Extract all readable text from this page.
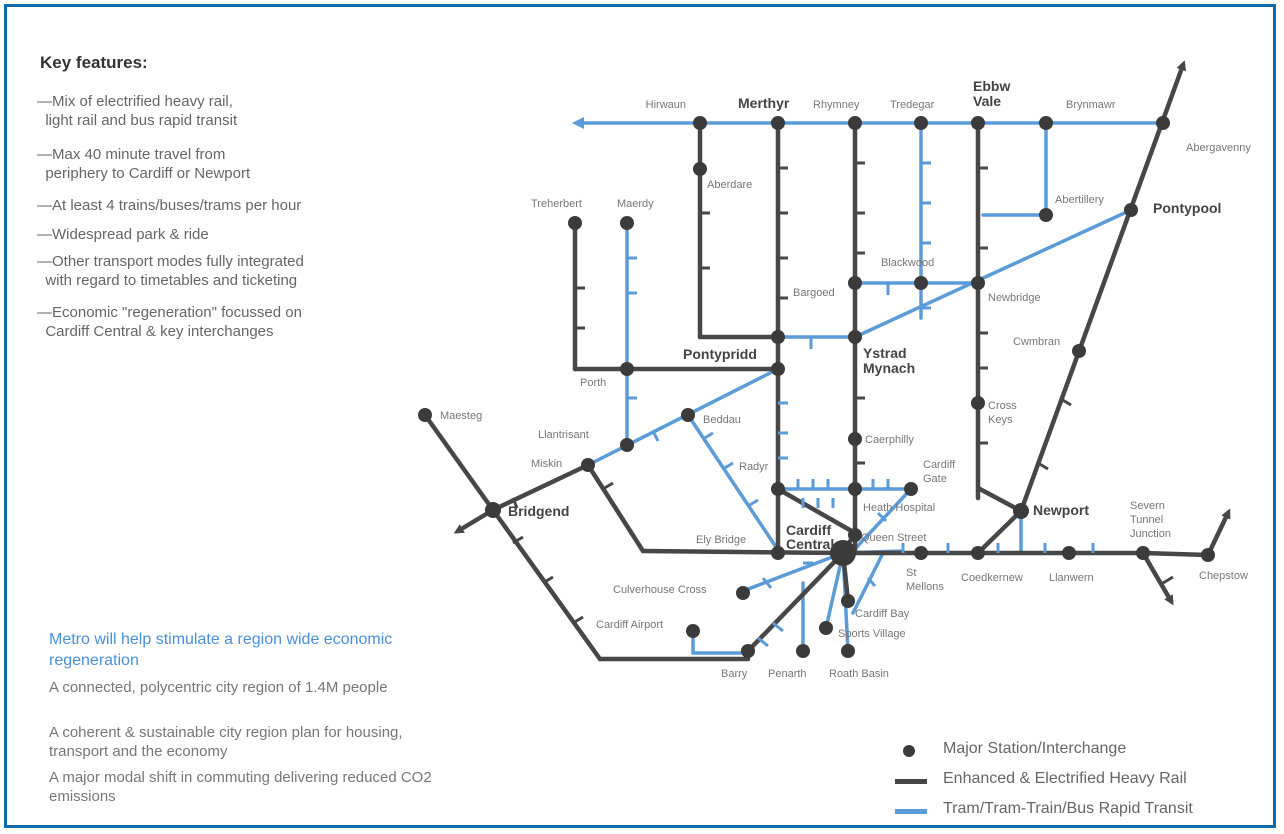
Hirwaun	Merthyr Rhymney	Tredegar
Ebbw
Vale	Brynmawr
Abergavenny
Aberdare
Abertillery	Pontypool
Treherbert	Maerdy
Bargoed
Blackwood
Newbridge
Cwmbran
Pontypridd	Ystrad
Mynach
Porth
Maesteg	Beddau
Llantrisant
Cross
Keys
Caerphilly
Miskin	Radyr	Cardiff
Gate
Bridgend	Heath Hospital	Newport	Severn
Tunnel
Junction
Ely Bridge
Cardiff
Central Queen Street
St
Mellons
Coedkernew Llanwern	Chepstow
Culverhouse Cross
Cardiff Bay
Sports Village
Cardiff Airport
Barry Penarth Roath Basin
Key features:
—Mix of electrified heavy rail,
light rail and bus rapid transit
—Max 40 minute travel from
periphery to Cardiff or Newport
—At least 4 trains/buses/trams per hour
—Widespread park & ride
—Other transport modes fully integrated
with regard to timetables and ticketing
—Economic "regeneration" focussed on
Cardiff Central & key interchanges
Metro will help stimulate a region wide economic regeneration
A connected, polycentric city region of 1.4M people
A coherent & sustainable city region plan for housing, transport and the economy
A major modal shift in commuting delivering reduced CO2 emissions
Major Station/Interchange
Enhanced & Electrified Heavy Rail
Tram/Tram-Train/Bus Rapid Transit
